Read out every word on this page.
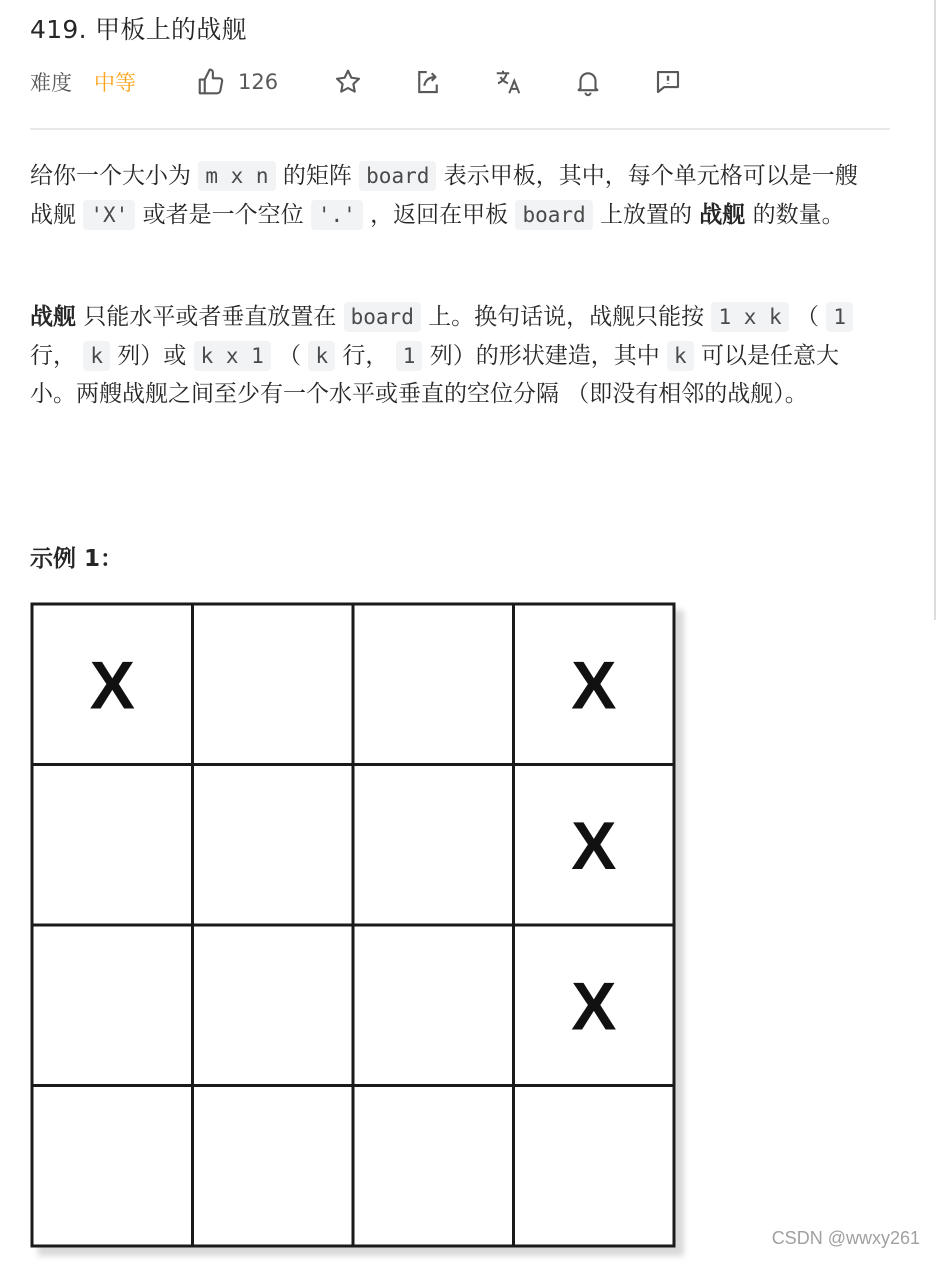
419. 甲板上的战舰
难度 中等	126
给你一个大小为 m x n 的矩阵 board 表示甲板，其中，每个单元格可以是一艘战舰 'X' 或者是一个空位 '.' ，返回在甲板 board 上放置的 战舰 的数量。
战舰 只能水平或者垂直放置在 board 上。换句话说，战舰只能按 1 x k （ 1 行， k 列）或 k x 1 （ k 行， 1 列）的形状建造，其中 k 可以是任意大小。两艘战舰之间至少有一个水平或垂直的空位分隔 （即没有相邻的战舰）。
示例 1：
X	X
X
X
CSDN @wwxy261
